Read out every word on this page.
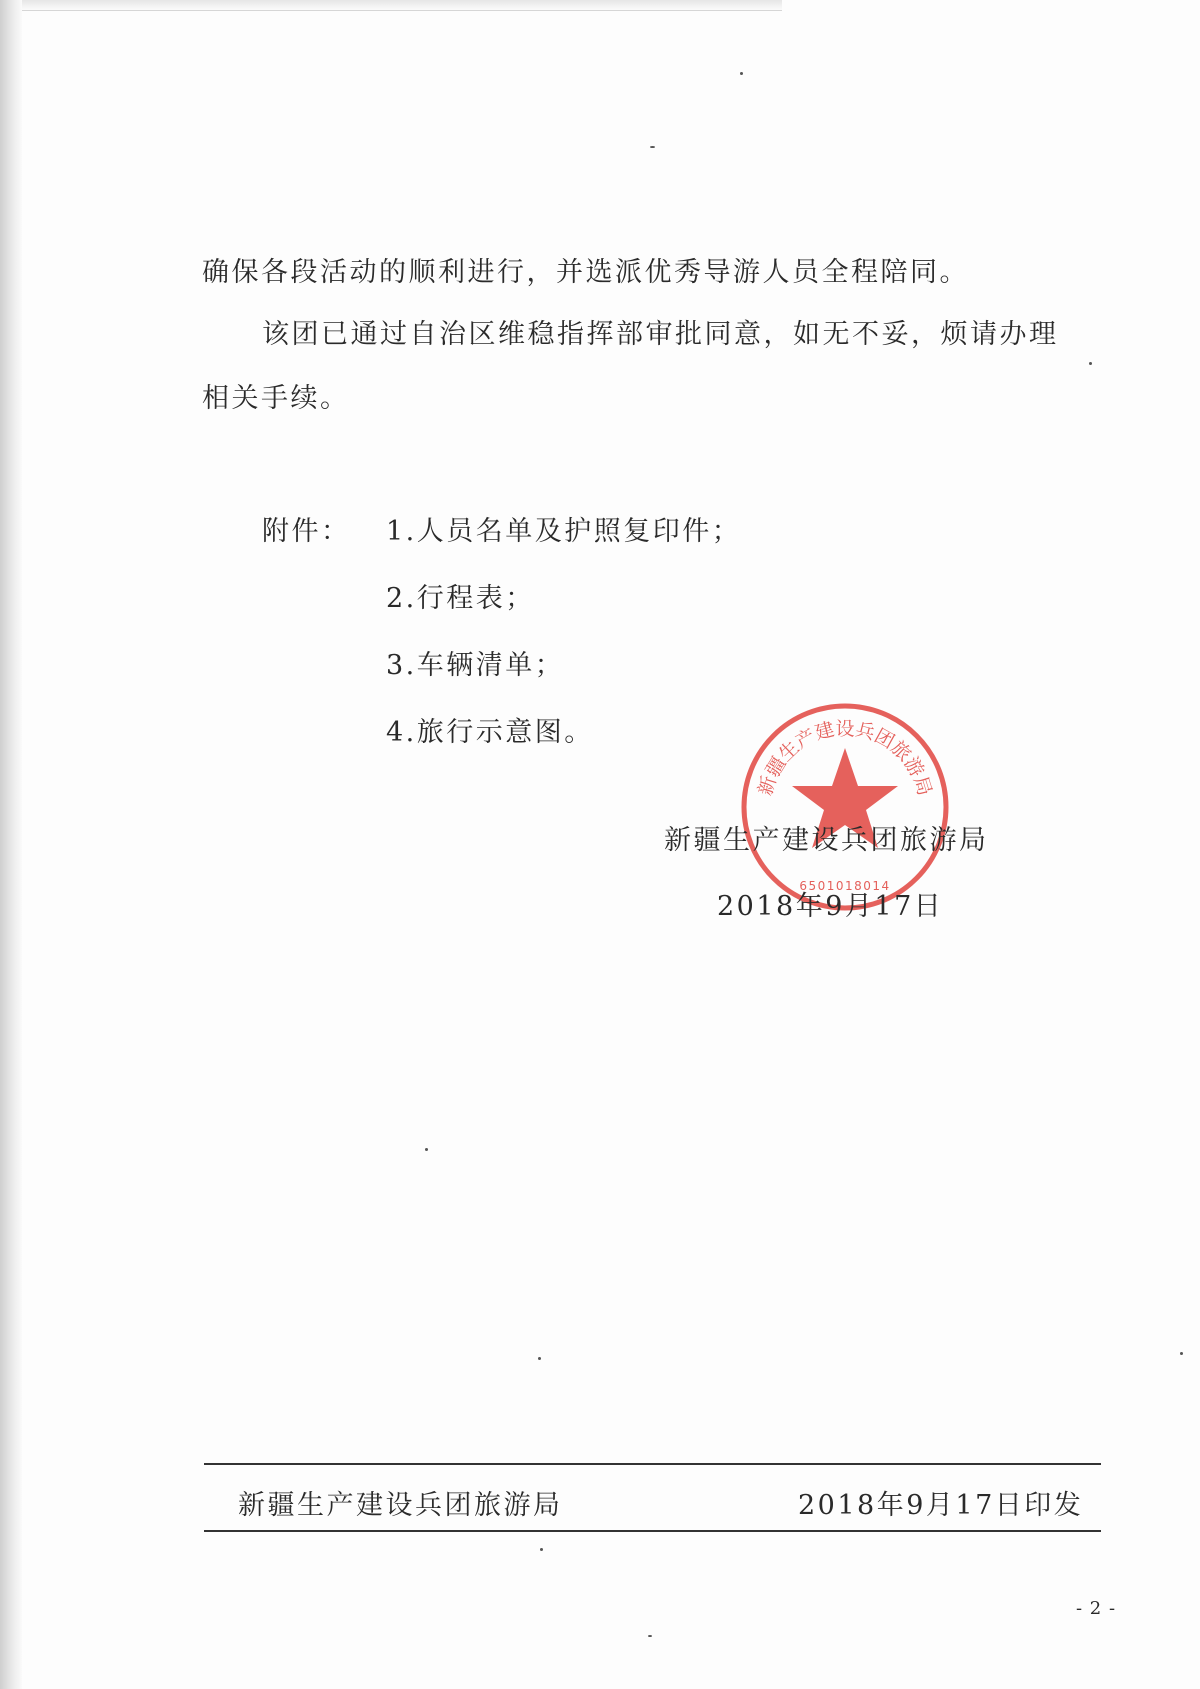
确保各段活动的顺利进行，并选派优秀导游人员全程陪同。
该团已通过自治区维稳指挥部审批同意，如无不妥，烦请办理
相关手续。
附件： 1.人员名单及护照复印件；
2.行程表；
3.车辆清单；
4.旅行示意图。
新疆生产建设兵团旅游局
6501018014
新疆生产建设兵团旅游局
2018年9月17日
新疆生产建设兵团旅游局	2018年9月17日印发
- 2 -
